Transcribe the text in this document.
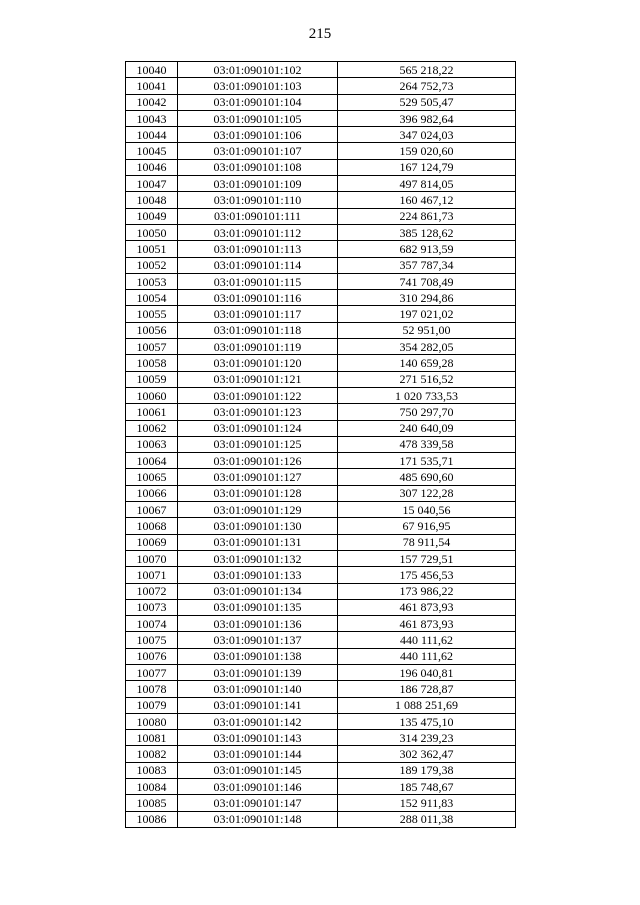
215
10040	03:01:090101:102	565 218,22
10041	03:01:090101:103	264 752,73
10042	03:01:090101:104	529 505,47
10043	03:01:090101:105	396 982,64
10044	03:01:090101:106	347 024,03
10045	03:01:090101:107	159 020,60
10046	03:01:090101:108	167 124,79
10047	03:01:090101:109	497 814,05
10048	03:01:090101:110	160 467,12
10049	03:01:090101:111	224 861,73
10050	03:01:090101:112	385 128,62
10051	03:01:090101:113	682 913,59
10052	03:01:090101:114	357 787,34
10053	03:01:090101:115	741 708,49
10054	03:01:090101:116	310 294,86
10055	03:01:090101:117	197 021,02
10056	03:01:090101:118	52 951,00
10057	03:01:090101:119	354 282,05
10058	03:01:090101:120	140 659,28
10059	03:01:090101:121	271 516,52
10060	03:01:090101:122	1 020 733,53
10061	03:01:090101:123	750 297,70
10062	03:01:090101:124	240 640,09
10063	03:01:090101:125	478 339,58
10064	03:01:090101:126	171 535,71
10065	03:01:090101:127	485 690,60
10066	03:01:090101:128	307 122,28
10067	03:01:090101:129	15 040,56
10068	03:01:090101:130	67 916,95
10069	03:01:090101:131	78 911,54
10070	03:01:090101:132	157 729,51
10071	03:01:090101:133	175 456,53
10072	03:01:090101:134	173 986,22
10073	03:01:090101:135	461 873,93
10074	03:01:090101:136	461 873,93
10075	03:01:090101:137	440 111,62
10076	03:01:090101:138	440 111,62
10077	03:01:090101:139	196 040,81
10078	03:01:090101:140	186 728,87
10079	03:01:090101:141	1 088 251,69
10080	03:01:090101:142	135 475,10
10081	03:01:090101:143	314 239,23
10082	03:01:090101:144	302 362,47
10083	03:01:090101:145	189 179,38
10084	03:01:090101:146	185 748,67
10085	03:01:090101:147	152 911,83
10086	03:01:090101:148	288 011,38
